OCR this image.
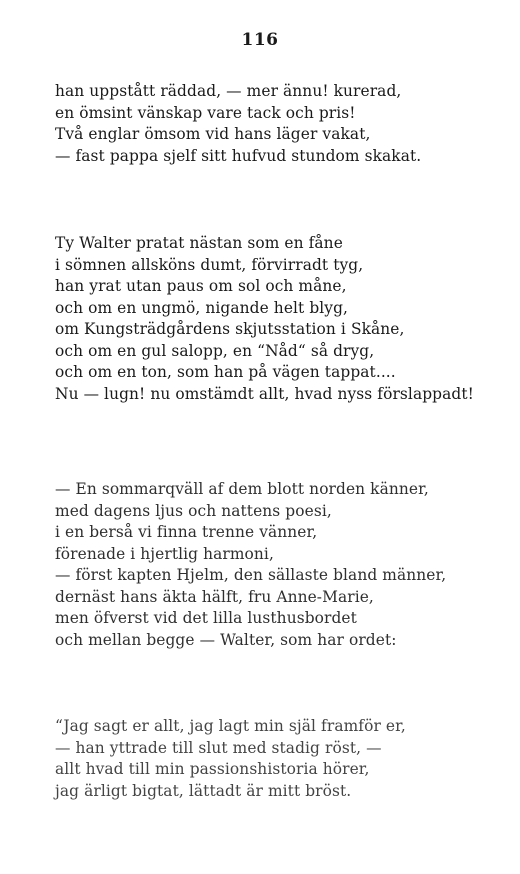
116
han uppstått räddad, — mer ännu! kurerad,
en ömsint vänskap vare tack och pris!
Två englar ömsom vid hans läger vakat,
— fast pappa sjelf sitt hufvud stundom skakat.
Ty Walter pratat nästan som en fåne
i sömnen allsköns dumt, förvirradt tyg,
han yrat utan paus om sol och måne,
och om en ungmö, nigande helt blyg,
om Kungsträdgårdens skjutsstation i Skåne,
och om en gul salopp, en “Nåd“ så dryg,
och om en ton, som han på vägen tappat....
Nu — lugn! nu omstämdt allt, hvad nyss förslappadt!
— En sommarqväll af dem blott norden känner,
med dagens ljus och nattens poesi,
i en berså vi finna trenne vänner,
förenade i hjertlig harmoni,
— först kapten Hjelm, den sällaste bland männer,
dernäst hans äkta hälft, fru Anne-Marie,
men öfverst vid det lilla lusthusbordet
och mellan begge — Walter, som har ordet:
“Jag sagt er allt, jag lagt min själ framför er,
— han yttrade till slut med stadig röst, —
allt hvad till min passionshistoria hörer,
jag ärligt bigtat, lättadt är mitt bröst.
